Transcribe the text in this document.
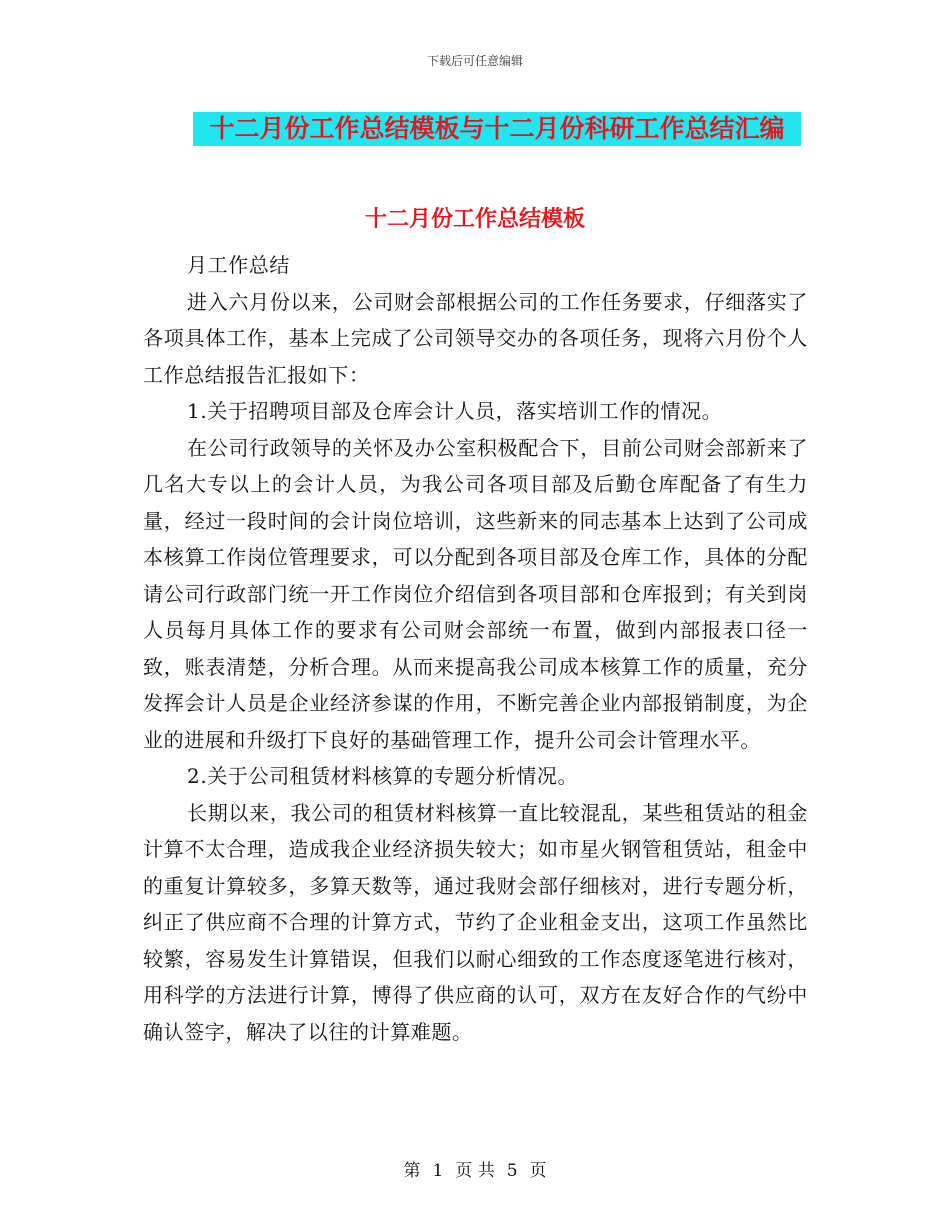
下载后可任意编辑
十二月份工作总结模板与十二月份科研工作总结汇编
十二月份工作总结模板

月工作总结

进入六月份以来，公司财会部根据公司的工作任务要求，仔细落实了各项具体工作，基本上完成了公司领导交办的各项任务，现将六月份个人工作总结报告汇报如下：

1.关于招聘项目部及仓库会计人员，落实培训工作的情况。

在公司行政领导的关怀及办公室积极配合下，目前公司财会部新来了几名大专以上的会计人员，为我公司各项目部及后勤仓库配备了有生力量，经过一段时间的会计岗位培训，这些新来的同志基本上达到了公司成本核算工作岗位管理要求，可以分配到各项目部及仓库工作，具体的分配请公司行政部门统一开工作岗位介绍信到各项目部和仓库报到；有关到岗人员每月具体工作的要求有公司财会部统一布置，做到内部报表口径一致，账表清楚，分析合理。从而来提高我公司成本核算工作的质量，充分发挥会计人员是企业经济参谋的作用，不断完善企业内部报销制度，为企业的进展和升级打下良好的基础管理工作，提升公司会计管理水平。

2.关于公司租赁材料核算的专题分析情况。

长期以来，我公司的租赁材料核算一直比较混乱，某些租赁站的租金计算不太合理，造成我企业经济损失较大；如市星火钢管租赁站，租金中的重复计算较多，多算天数等，通过我财会部仔细核对，进行专题分析，纠正了供应商不合理的计算方式，节约了企业租金支出，这项工作虽然比较繁，容易发生计算错误，但我们以耐心细致的工作态度逐笔进行核对，用科学的方法进行计算，博得了供应商的认可，双方在友好合作的气纷中确认签字，解决了以往的计算难题。

第 1 页 共 5 页
